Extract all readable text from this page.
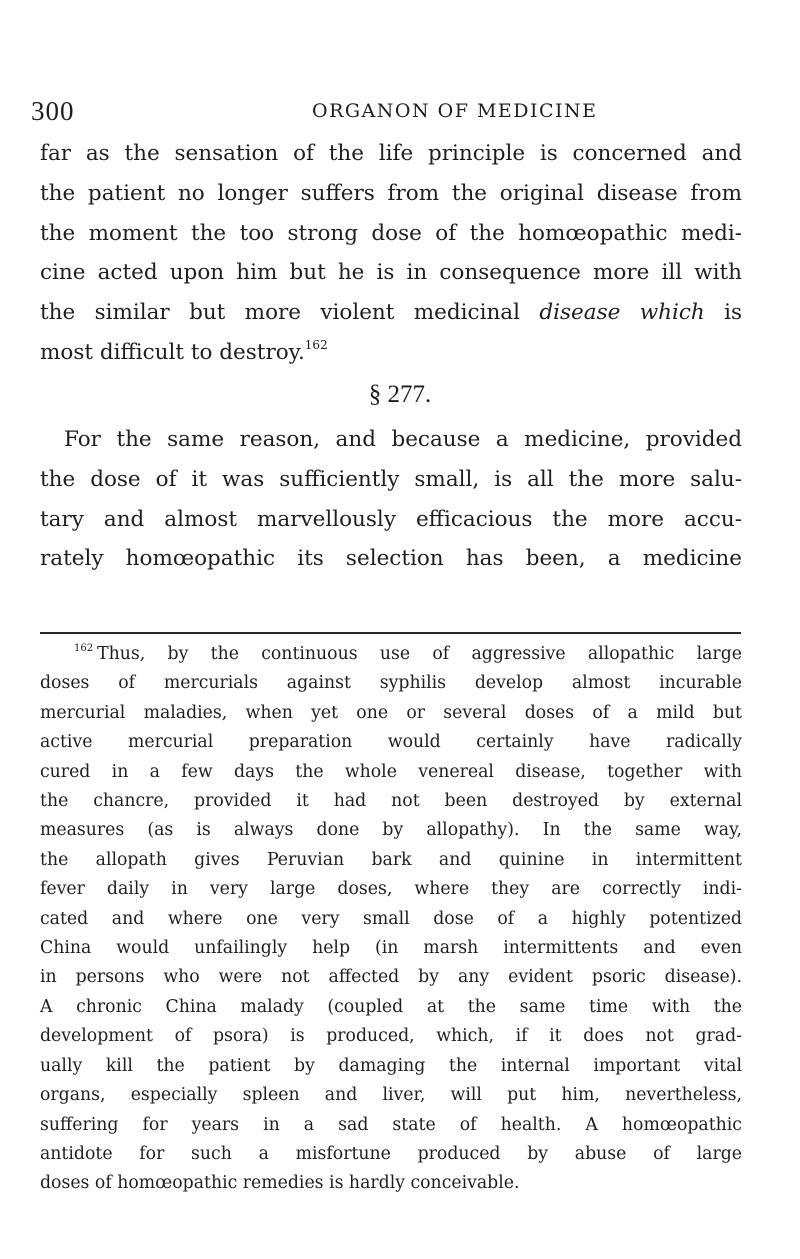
300	ORGANON OF MEDICINE

far as the sensation of the life principle is concerned and
the patient no longer suffers from the original disease from
the moment the too strong dose of the homœopathic medi-
cine acted upon him but he is in consequence more ill with
the similar but more violent medicinal disease which is
most difficult to destroy.$^{162}$

§ 277.

For the same reason, and because a medicine, provided
the dose of it was sufficiently small, is all the more salu-
tary and almost marvellously efficacious the more accu-
rately homœopathic its selection has been, a medicine

$^{162}$ Thus, by the continuous use of aggressive allopathic large
doses of mercurials against syphilis develop almost incurable
mercurial maladies, when yet one or several doses of a mild but
active mercurial preparation would certainly have radically
cured in a few days the whole venereal disease, together with
the chancre, provided it had not been destroyed by external
measures (as is always done by allopathy). In the same way,
the allopath gives Peruvian bark and quinine in intermittent
fever daily in very large doses, where they are correctly indi-
cated and where one very small dose of a highly potentized
China would unfailingly help (in marsh intermittents and even
in persons who were not affected by any evident psoric disease).
A chronic China malady (coupled at the same time with the
development of psora) is produced, which, if it does not grad-
ually kill the patient by damaging the internal important vital
organs, especially spleen and liver, will put him, nevertheless,
suffering for years in a sad state of health. A homœopathic
antidote for such a misfortune produced by abuse of large
doses of homœopathic remedies is hardly conceivable.
